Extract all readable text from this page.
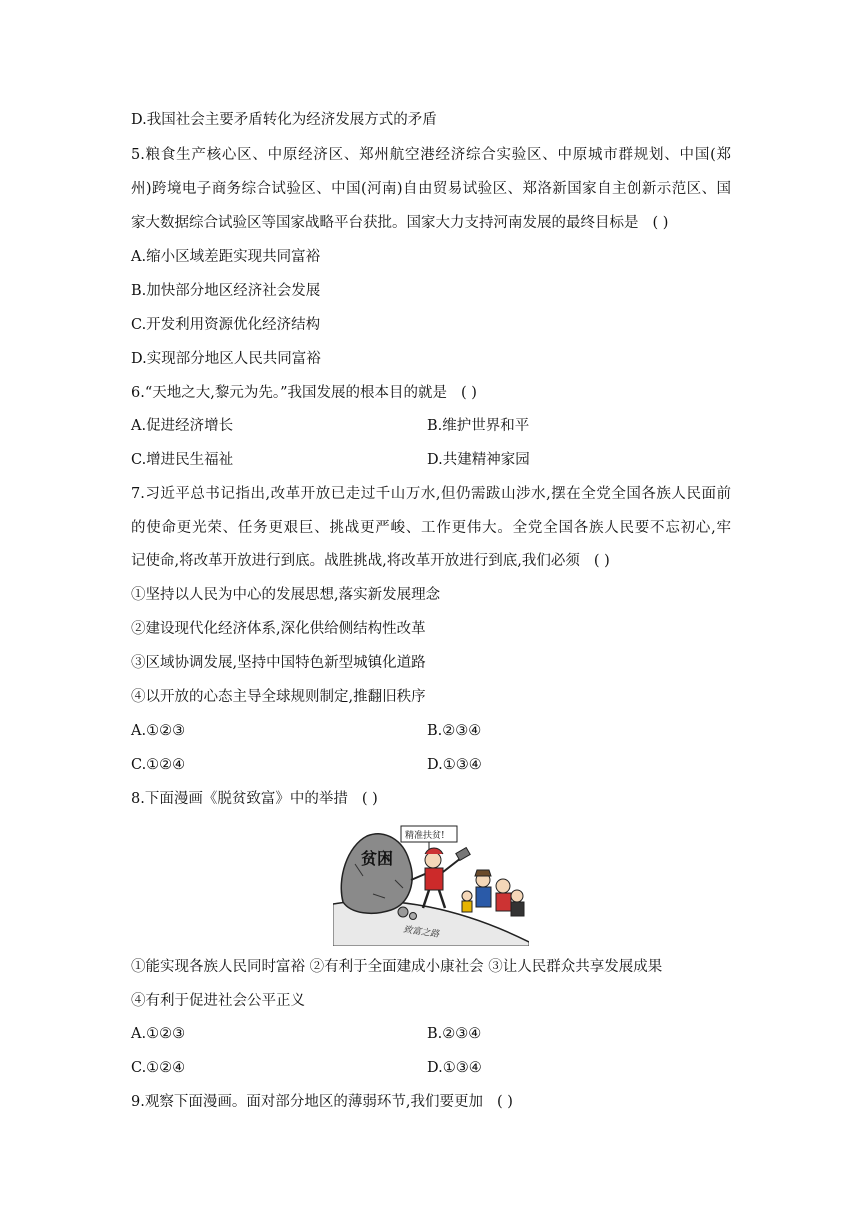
D.我国社会主要矛盾转化为经济发展方式的矛盾
5.粮食生产核心区、中原经济区、郑州航空港经济综合实验区、中原城市群规划、中国(郑
州)跨境电子商务综合试验区、中国(河南)自由贸易试验区、郑洛新国家自主创新示范区、国
家大数据综合试验区等国家战略平台获批。国家大力支持河南发展的最终目标是 ( )
A.缩小区域差距实现共同富裕
B.加快部分地区经济社会发展
C.开发利用资源优化经济结构
D.实现部分地区人民共同富裕
6.“天地之大,黎元为先。”我国发展的根本目的就是 ( )
A.促进经济增长	B.维护世界和平
C.增进民生福祉	D.共建精神家园
7.习近平总书记指出,改革开放已走过千山万水,但仍需跋山涉水,摆在全党全国各族人民面前
的使命更光荣、任务更艰巨、挑战更严峻、工作更伟大。全党全国各族人民要不忘初心,牢
记使命,将改革开放进行到底。战胜挑战,将改革开放进行到底,我们必须 ( )
①坚持以人民为中心的发展思想,落实新发展理念
②建设现代化经济体系,深化供给侧结构性改革
③区域协调发展,坚持中国特色新型城镇化道路
④以开放的心态主导全球规则制定,推翻旧秩序
A.①②③	B.②③④
C.①②④	D.①③④
8.下面漫画《脱贫致富》中的举措 ( )
致富之路
贫困
精准扶贫!
①能实现各族人民同时富裕 ②有利于全面建成小康社会 ③让人民群众共享发展成果
④有利于促进社会公平正义
A.①②③	B.②③④
C.①②④	D.①③④
9.观察下面漫画。面对部分地区的薄弱环节,我们要更加 ( )
